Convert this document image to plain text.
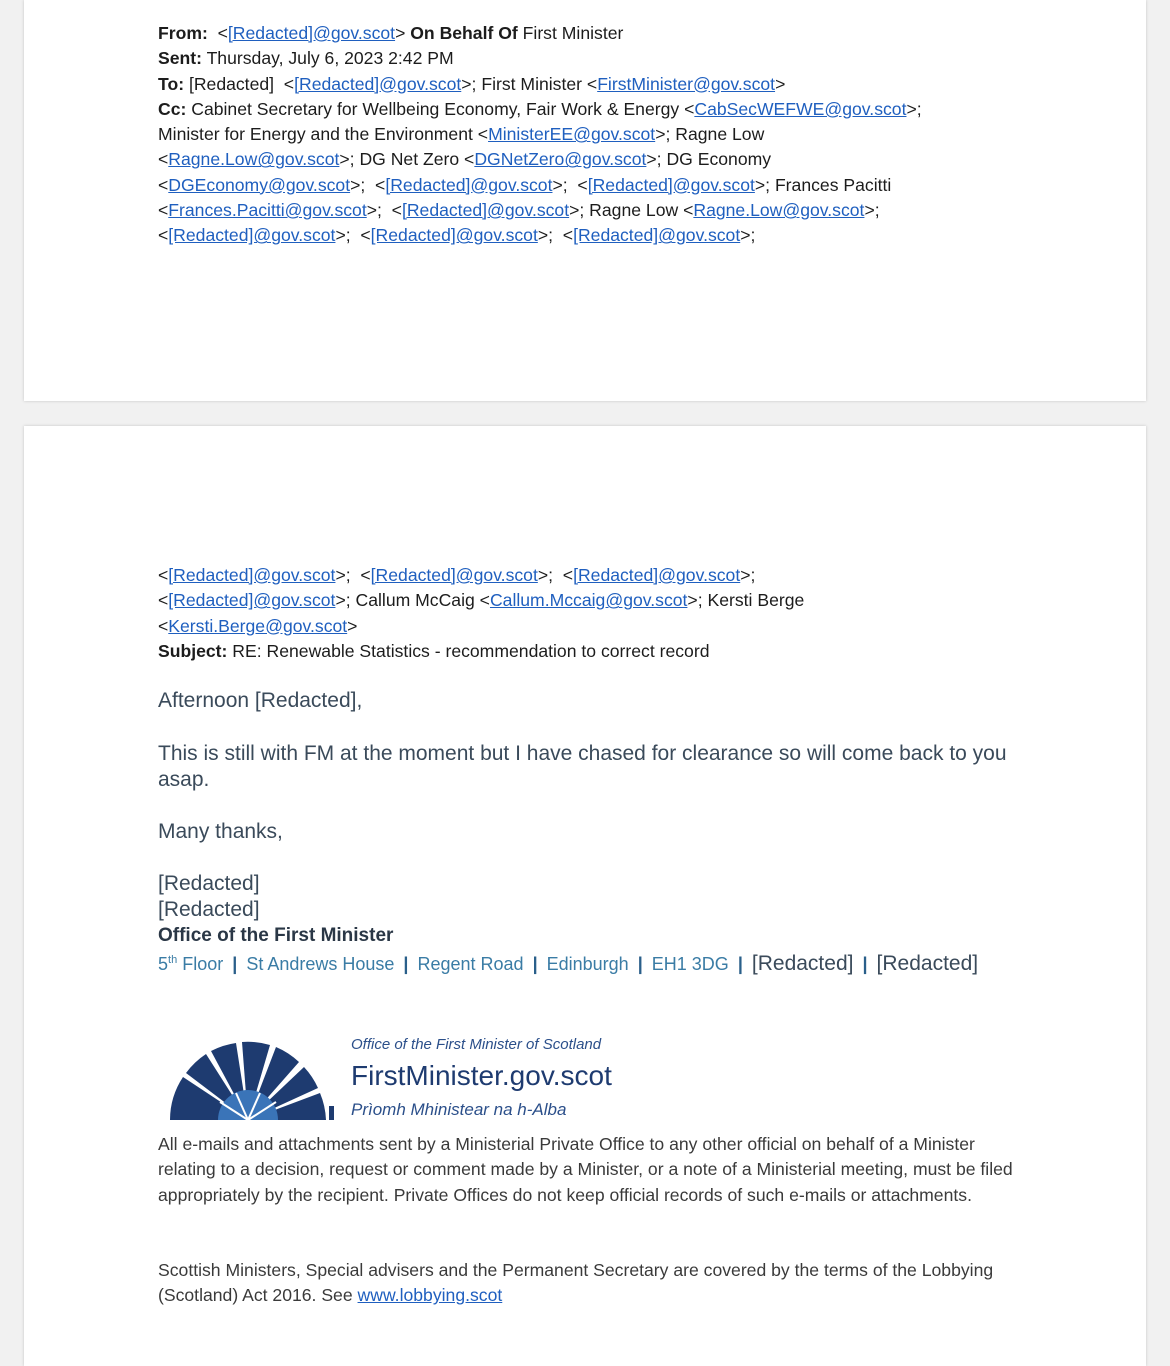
From:  <[Redacted]@gov.scot> On Behalf Of First Minister
Sent: Thursday, July 6, 2023 2:42 PM
To: [Redacted]  <[Redacted]@gov.scot>; First Minister <FirstMinister@gov.scot>
Cc: Cabinet Secretary for Wellbeing Economy, Fair Work & Energy <CabSecWEFWE@gov.scot>;
Minister for Energy and the Environment <MinisterEE@gov.scot>; Ragne Low
<Ragne.Low@gov.scot>; DG Net Zero <DGNetZero@gov.scot>; DG Economy
<DGEconomy@gov.scot>;  <[Redacted]@gov.scot>;  <[Redacted]@gov.scot>; Frances Pacitti
<Frances.Pacitti@gov.scot>;  <[Redacted]@gov.scot>; Ragne Low <Ragne.Low@gov.scot>;
<[Redacted]@gov.scot>;  <[Redacted]@gov.scot>;  <[Redacted]@gov.scot>;
<[Redacted]@gov.scot>;  <[Redacted]@gov.scot>;  <[Redacted]@gov.scot>;
<[Redacted]@gov.scot>; Callum McCaig <Callum.Mccaig@gov.scot>; Kersti Berge
<Kersti.Berge@gov.scot>
Subject: RE: Renewable Statistics - recommendation to correct record

Afternoon [Redacted],

This is still with FM at the moment but I have chased for clearance so will come back to you asap.

Many thanks,

[Redacted]

[Redacted]

Office of the First Minister
5th Floor | St Andrews House | Regent Road | Edinburgh | EH1 3DG | [Redacted] | [Redacted]
Office of the First Minister of Scotland
FirstMinister.gov.scot
Prìomh Mhinistear na h-Alba
All e-mails and attachments sent by a Ministerial Private Office to any other official on behalf of a Minister relating to a decision, request or comment made by a Minister, or a note of a Ministerial meeting, must be filed appropriately by the recipient. Private Offices do not keep official records of such e-mails or attachments.
Scottish Ministers, Special advisers and the Permanent Secretary are covered by the terms of the Lobbying (Scotland) Act 2016. See www.lobbying.scot
